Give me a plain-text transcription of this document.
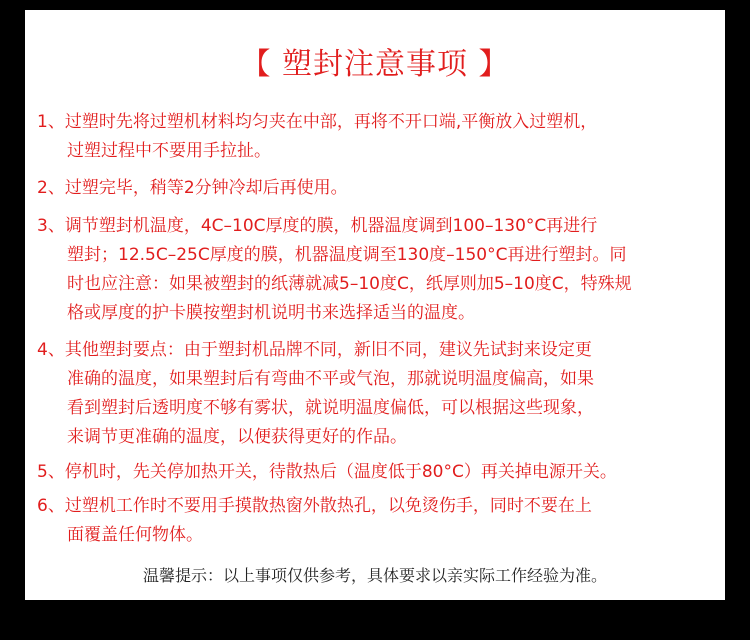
【 塑封注意事项 】
1、过塑时先将过塑机材料均匀夹在中部，再将不开口端,平衡放入过塑机，
过塑过程中不要用手拉扯。
2、过塑完毕，稍等2分钟冷却后再使用。
3、调节塑封机温度，4C–10C厚度的膜，机器温度调到100–130°C再进行
塑封；12.5C–25C厚度的膜，机器温度调至130度–150°C再进行塑封。同
时也应注意：如果被塑封的纸薄就减5–10度C，纸厚则加5–10度C，特殊规
格或厚度的护卡膜按塑封机说明书来选择适当的温度。
4、其他塑封要点：由于塑封机品牌不同，新旧不同，建议先试封来设定更
准确的温度，如果塑封后有弯曲不平或气泡，那就说明温度偏高，如果
看到塑封后透明度不够有雾状，就说明温度偏低，可以根据这些现象，
来调节更准确的温度，以便获得更好的作品。
5、停机时，先关停加热开关，待散热后（温度低于80°C）再关掉电源开关。
6、过塑机工作时不要用手摸散热窗外散热孔，以免烫伤手，同时不要在上
面覆盖任何物体。
温馨提示：以上事项仅供参考，具体要求以亲实际工作经验为准。
